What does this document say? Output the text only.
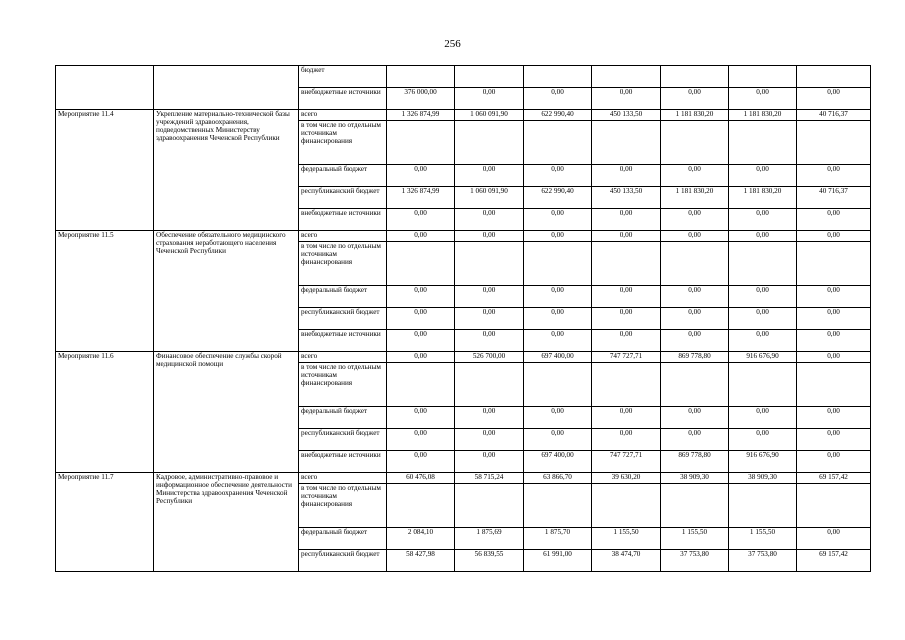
256
		бюджет							
		внебюджетные источники	376 000,00	0,00	0,00	0,00	0,00	0,00	0,00
Мероприятие 11.4	Укрепление материально-технической базы учреждений здравоохранения, подведомственных Министерству здравоохранения Чеченской Республики	всего	1 326 874,99	1 060 091,90	622 990,40	450 133,50	1 181 830,20	1 181 830,20	40 716,37
		в том числе по отдельным источникам финансирования							
		федеральный бюджет	0,00	0,00	0,00	0,00	0,00	0,00	0,00
		республиканский бюджет	1 326 874,99	1 060 091,90	622 990,40	450 133,50	1 181 830,20	1 181 830,20	40 716,37
		внебюджетные источники	0,00	0,00	0,00	0,00	0,00	0,00	0,00
Мероприятие 11.5	Обеспечение обязательного медицинского страхования неработающего населения Чеченской Республики	всего	0,00	0,00	0,00	0,00	0,00	0,00	0,00
		в том числе по отдельным источникам финансирования							
		федеральный бюджет	0,00	0,00	0,00	0,00	0,00	0,00	0,00
		республиканский бюджет	0,00	0,00	0,00	0,00	0,00	0,00	0,00
		внебюджетные источники	0,00	0,00	0,00	0,00	0,00	0,00	0,00
Мероприятие 11.6	Финансовое обеспечение службы скорой медицинской помощи	всего	0,00	526 700,00	697 400,00	747 727,71	869 778,80	916 676,90	0,00
		в том числе по отдельным источникам финансирования							
		федеральный бюджет	0,00	0,00	0,00	0,00	0,00	0,00	0,00
		республиканский бюджет	0,00	0,00	0,00	0,00	0,00	0,00	0,00
		внебюджетные источники	0,00	0,00	697 400,00	747 727,71	869 778,80	916 676,90	0,00
Мероприятие 11.7	Кадровое, административно-правовое и информационное обеспечение деятельности Министерства здравоохранения Чеченской Республики	всего	60 476,08	58 715,24	63 866,70	39 630,20	38 909,30	38 909,30	69 157,42
		в том числе по отдельным источникам финансирования							
		федеральный бюджет	2 084,10	1 875,69	1 875,70	1 155,50	1 155,50	1 155,50	0,00
		республиканский бюджет	58 427,98	56 839,55	61 991,00	38 474,70	37 753,80	37 753,80	69 157,42
